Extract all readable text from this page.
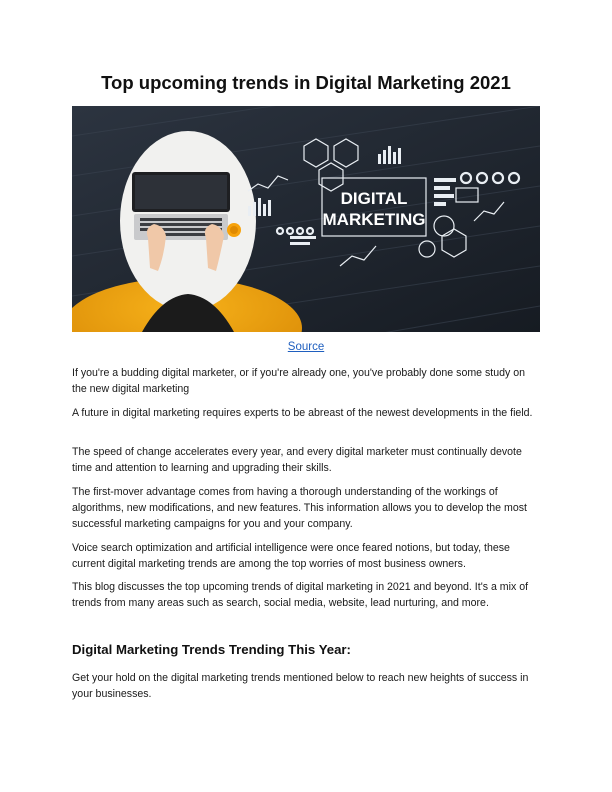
Top upcoming trends in Digital Marketing 2021
DIGITAL
MARKETING
Source

If you're a budding digital marketer, or if you're already one, you've probably done some study on the new digital marketing

A future in digital marketing requires experts to be abreast of the newest developments in the field.

The speed of change accelerates every year, and every digital marketer must continually devote time and attention to learning and upgrading their skills.

The first-mover advantage comes from having a thorough understanding of the workings of algorithms, new modifications, and new features. This information allows you to develop the most successful marketing campaigns for you and your company.

Voice search optimization and artificial intelligence were once feared notions, but today, these current digital marketing trends are among the top worries of most business owners.

This blog discusses the top upcoming trends of digital marketing in 2021 and beyond. It's a mix of trends from many areas such as search, social media, website, lead nurturing, and more.

Digital Marketing Trends Trending This Year:

Get your hold on the digital marketing trends mentioned below to reach new heights of success in your businesses.
